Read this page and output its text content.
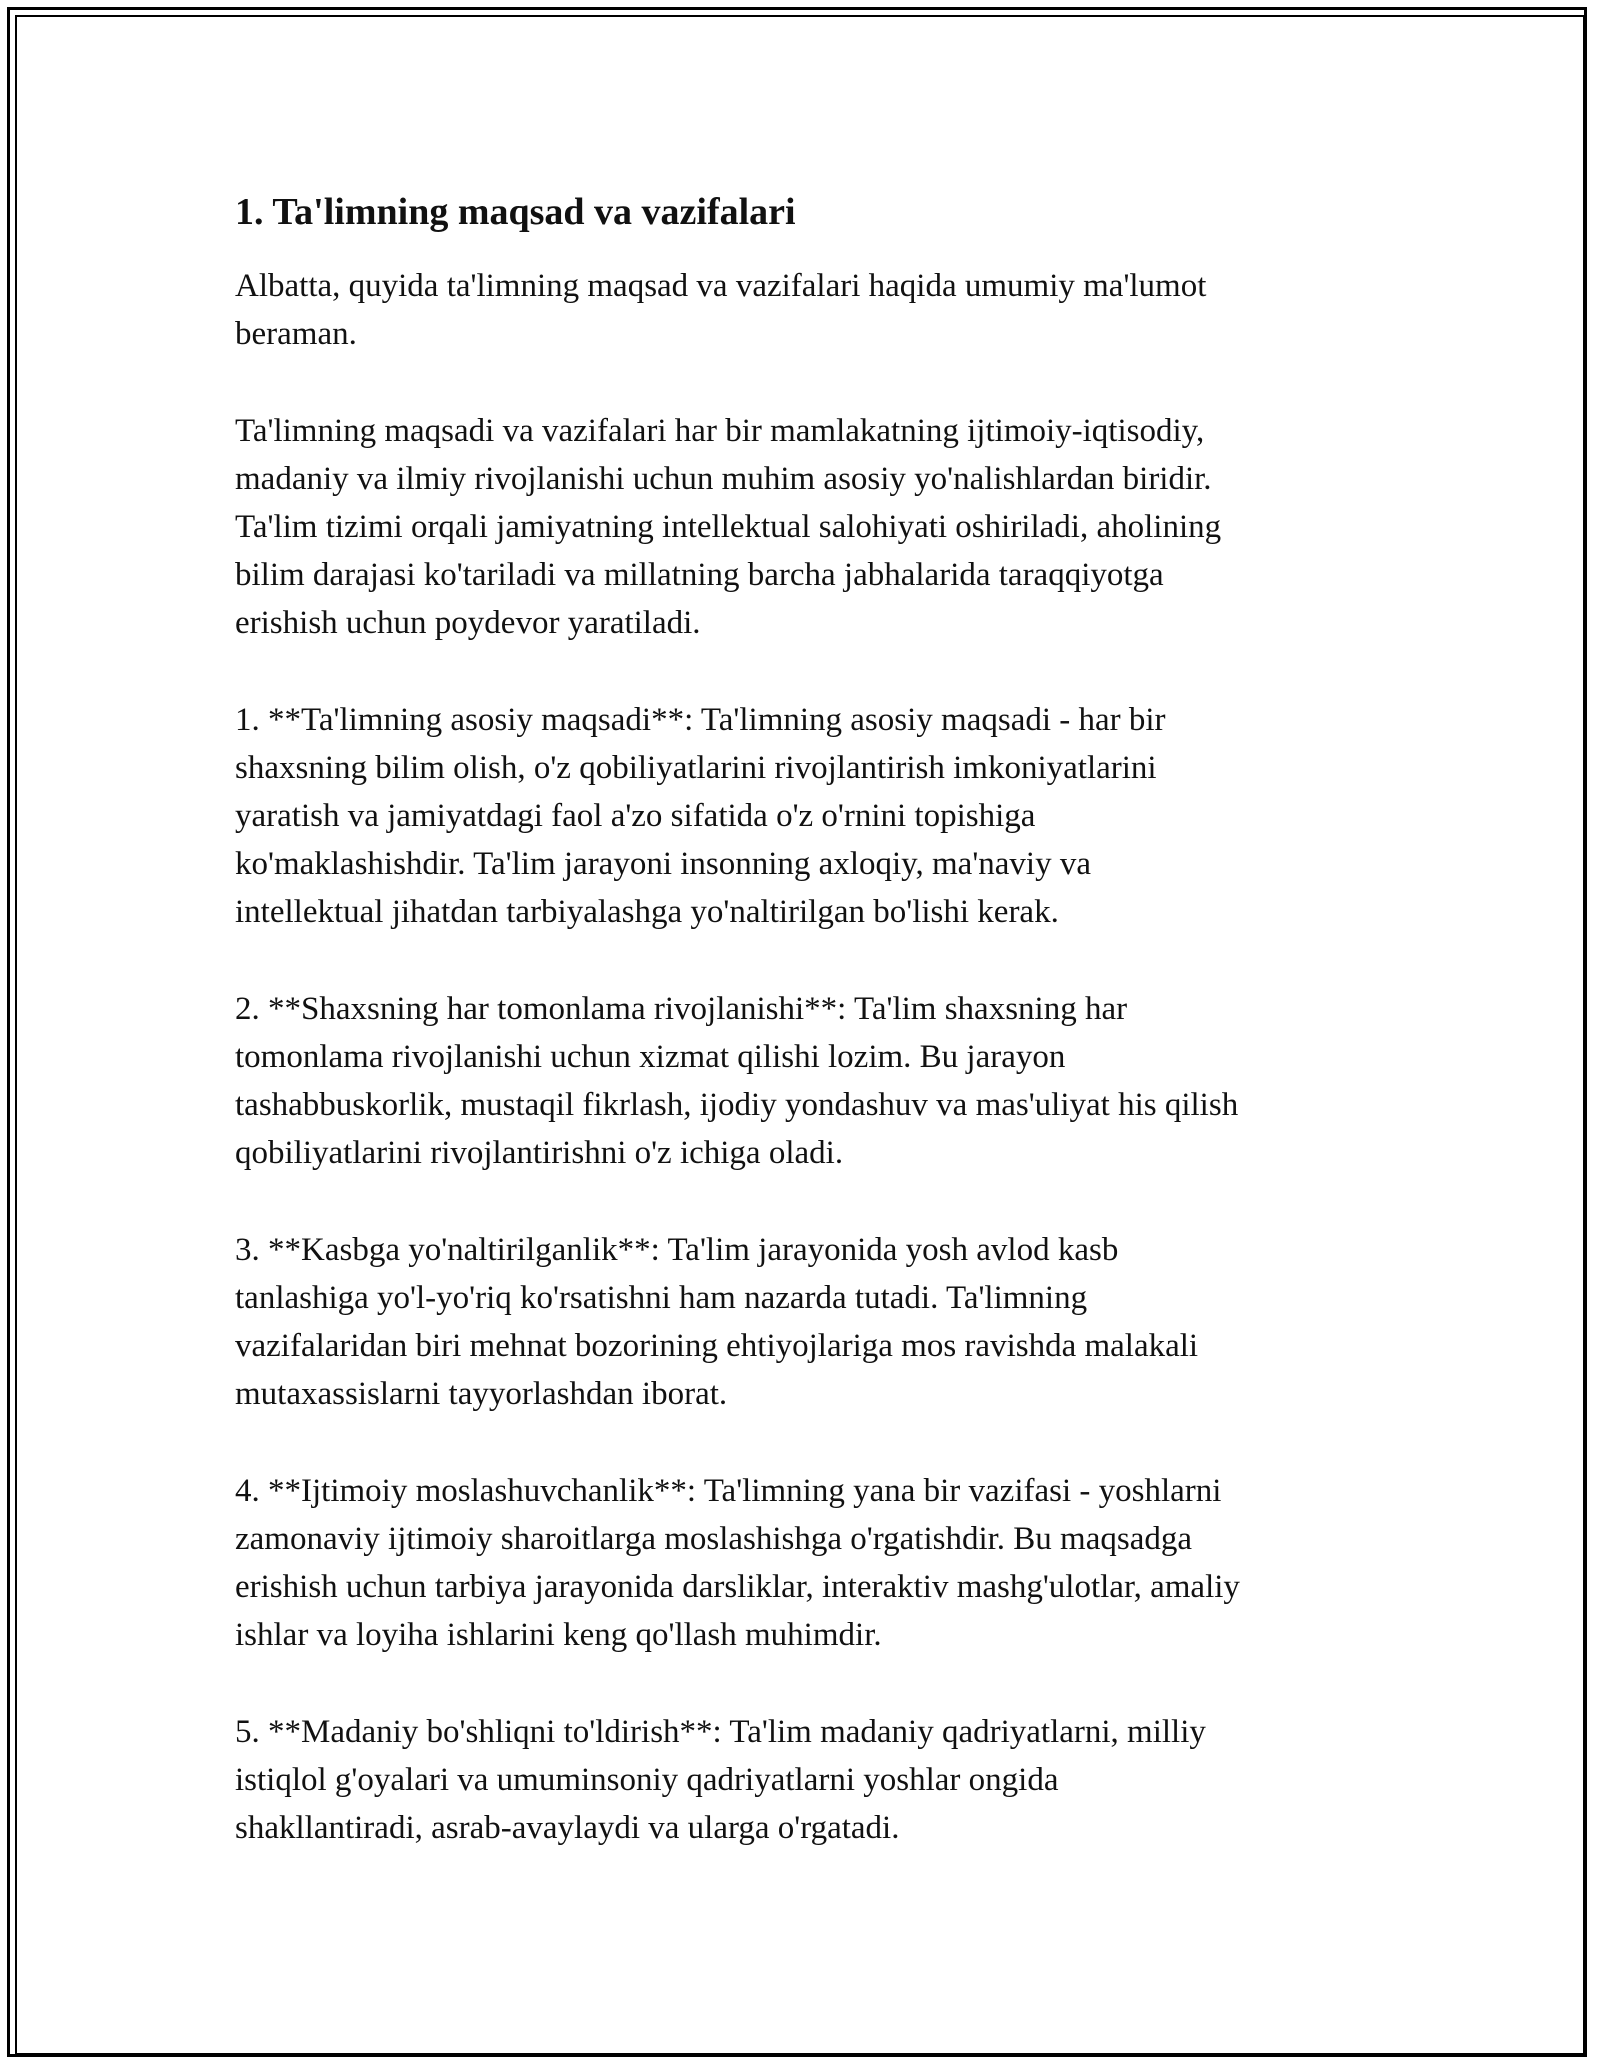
1. Ta'limning maqsad va vazifalari

Albatta, quyida ta'limning maqsad va vazifalari haqida umumiy ma'lumot
beraman.

Ta'limning maqsadi va vazifalari har bir mamlakatning ijtimoiy-iqtisodiy,
madaniy va ilmiy rivojlanishi uchun muhim asosiy yo'nalishlardan biridir.
Ta'lim tizimi orqali jamiyatning intellektual salohiyati oshiriladi, aholining
bilim darajasi ko'tariladi va millatning barcha jabhalarida taraqqiyotga
erishish uchun poydevor yaratiladi.

1. **Ta'limning asosiy maqsadi**: Ta'limning asosiy maqsadi - har bir
shaxsning bilim olish, o'z qobiliyatlarini rivojlantirish imkoniyatlarini
yaratish va jamiyatdagi faol a'zo sifatida o'z o'rnini topishiga
ko'maklashishdir. Ta'lim jarayoni insonning axloqiy, ma'naviy va
intellektual jihatdan tarbiyalashga yo'naltirilgan bo'lishi kerak.

2. **Shaxsning har tomonlama rivojlanishi**: Ta'lim shaxsning har
tomonlama rivojlanishi uchun xizmat qilishi lozim. Bu jarayon
tashabbuskorlik, mustaqil fikrlash, ijodiy yondashuv va mas'uliyat his qilish
qobiliyatlarini rivojlantirishni o'z ichiga oladi.

3. **Kasbga yo'naltirilganlik**: Ta'lim jarayonida yosh avlod kasb
tanlashiga yo'l-yo'riq ko'rsatishni ham nazarda tutadi. Ta'limning
vazifalaridan biri mehnat bozorining ehtiyojlariga mos ravishda malakali
mutaxassislarni tayyorlashdan iborat.

4. **Ijtimoiy moslashuvchanlik**: Ta'limning yana bir vazifasi - yoshlarni
zamonaviy ijtimoiy sharoitlarga moslashishga o'rgatishdir. Bu maqsadga
erishish uchun tarbiya jarayonida darsliklar, interaktiv mashg'ulotlar, amaliy
ishlar va loyiha ishlarini keng qo'llash muhimdir.

5. **Madaniy bo'shliqni to'ldirish**: Ta'lim madaniy qadriyatlarni, milliy
istiqlol g'oyalari va umuminsoniy qadriyatlarni yoshlar ongida
shakllantiradi, asrab-avaylaydi va ularga o'rgatadi.
